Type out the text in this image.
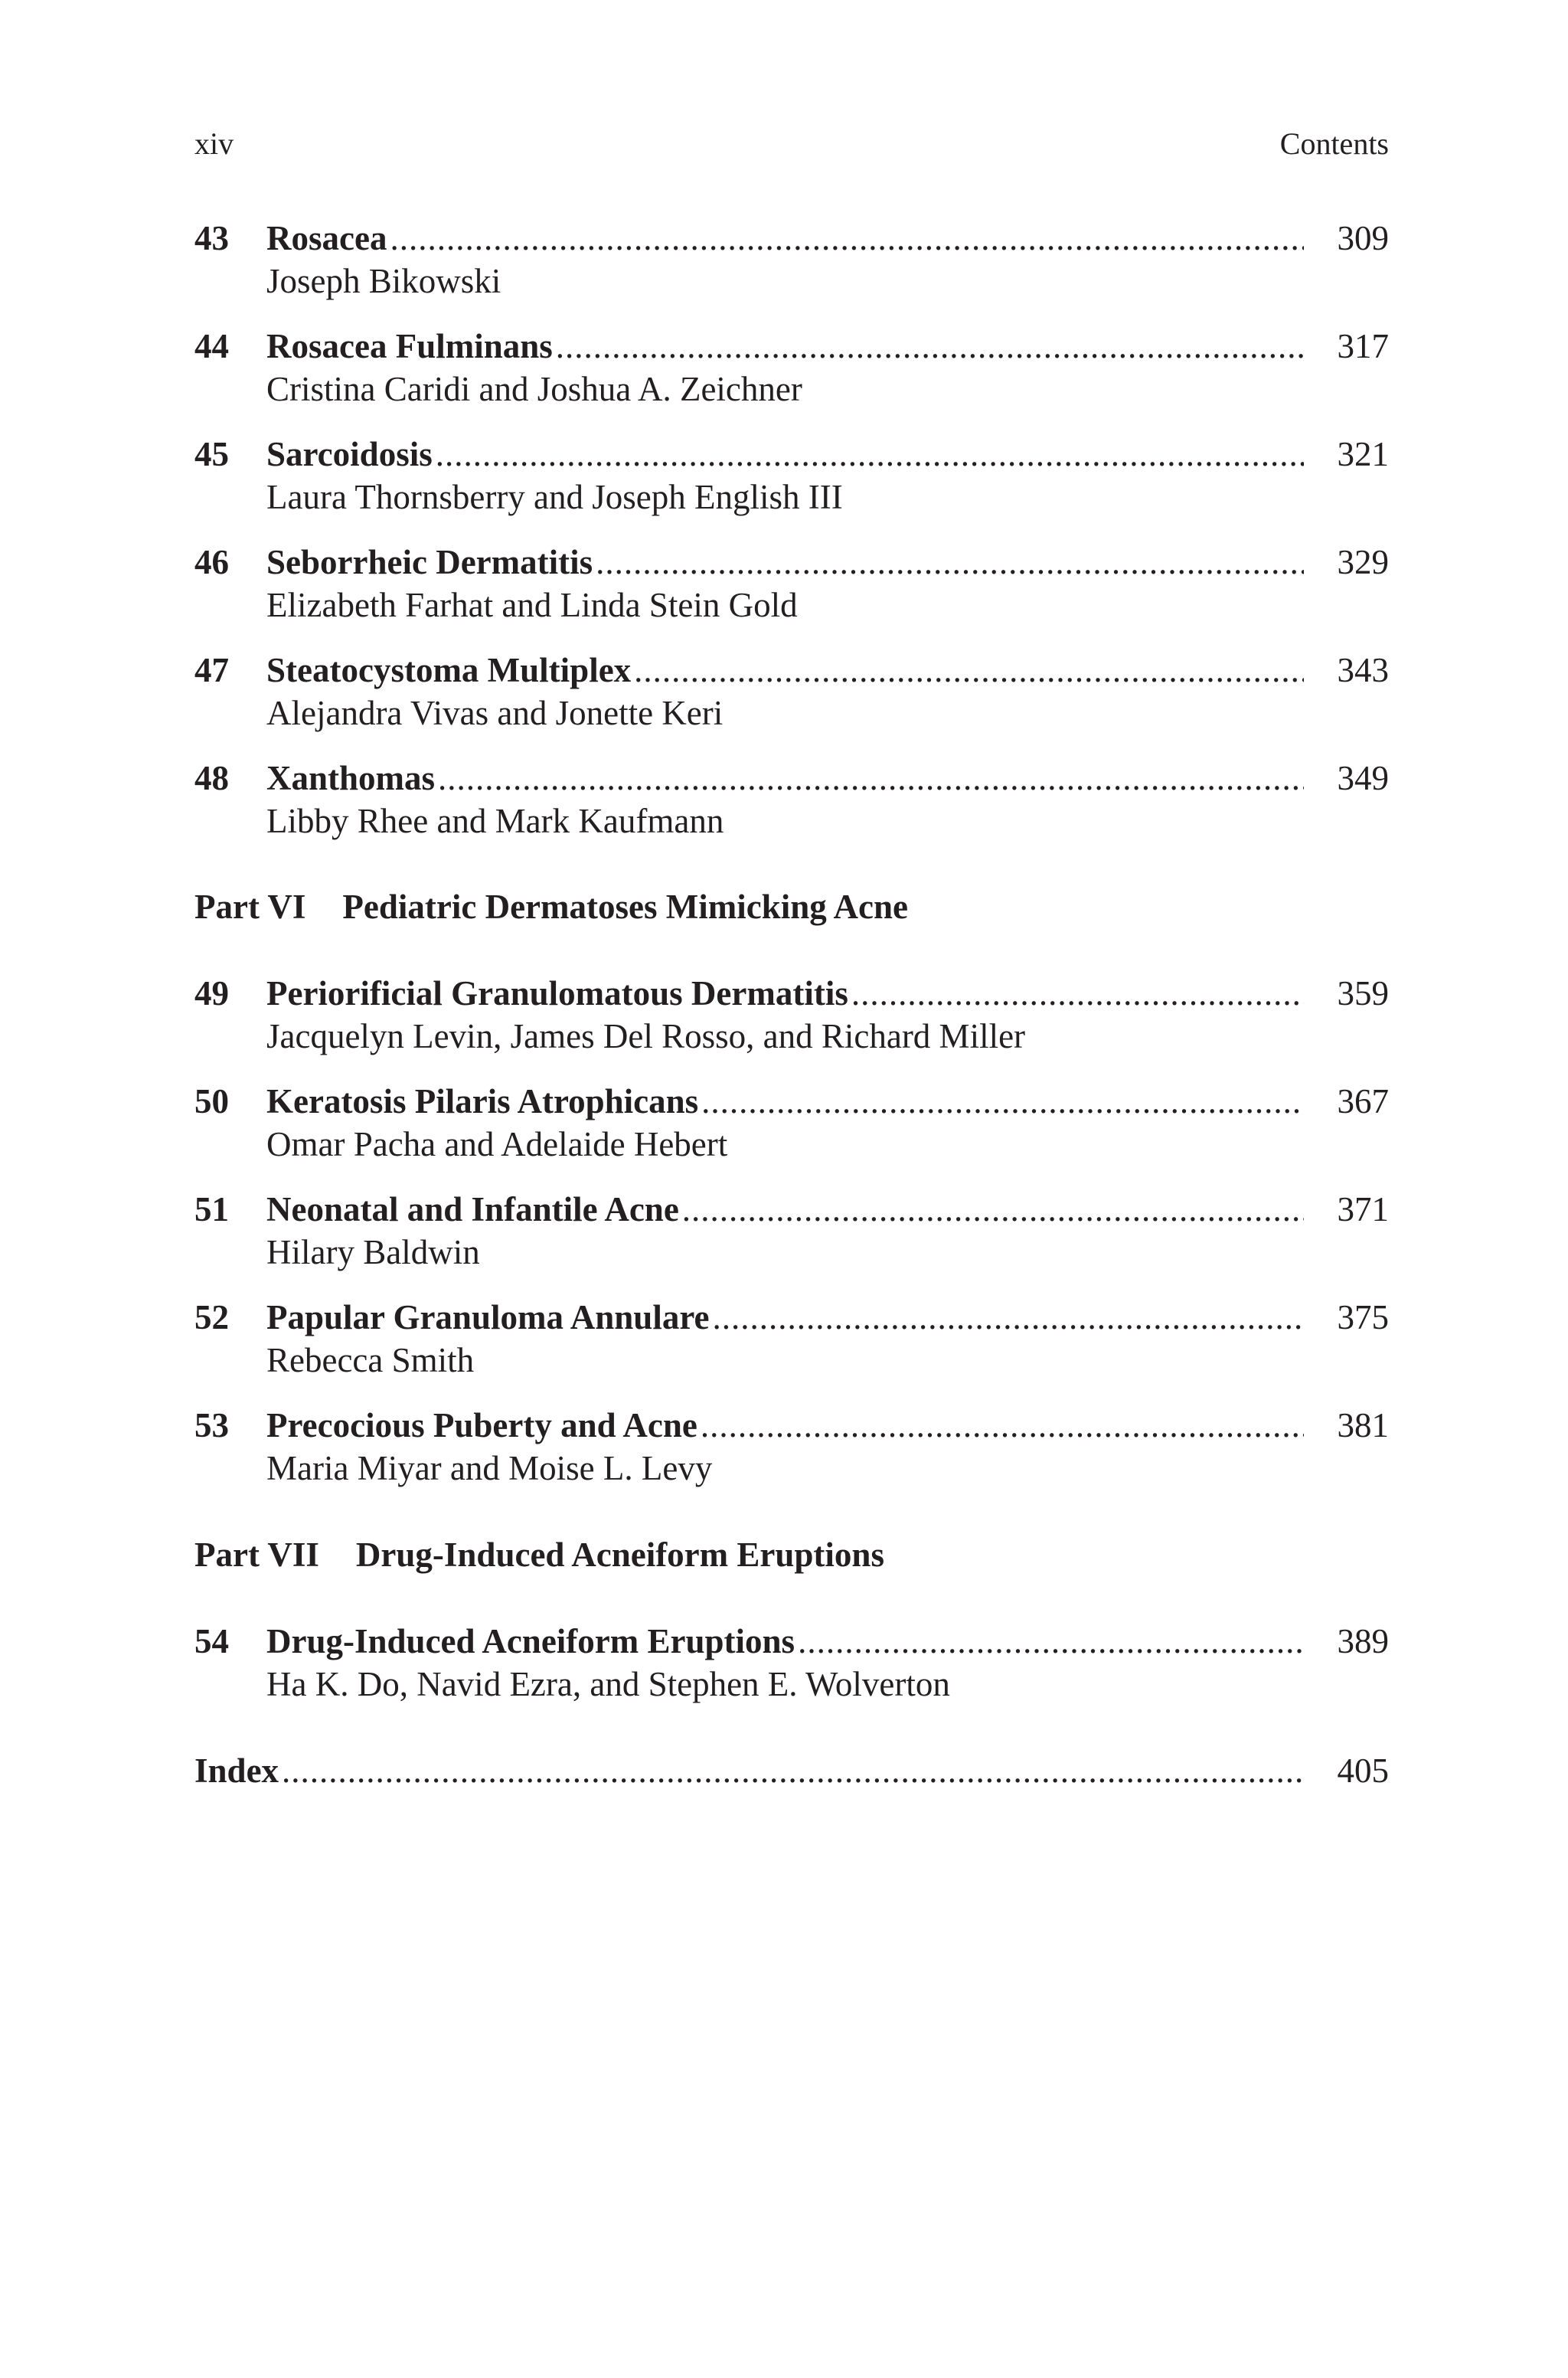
xiv	Contents
43 Rosacea .....	309
Joseph Bikowski
44 Rosacea Fulminans .....	317
Cristina Caridi and Joshua A. Zeichner
45 Sarcoidosis .....	321
Laura Thornsberry and Joseph English III
46 Seborrheic Dermatitis .....	329
Elizabeth Farhat and Linda Stein Gold
47 Steatocystoma Multiplex .....	343
Alejandra Vivas and Jonette Keri
48 Xanthomas .....	349
Libby Rhee and Mark Kaufmann
Part VI Pediatric Dermatoses Mimicking Acne
49 Periorificial Granulomatous Dermatitis .....	359
Jacquelyn Levin, James Del Rosso, and Richard Miller
50 Keratosis Pilaris Atrophicans .....	367
Omar Pacha and Adelaide Hebert
51 Neonatal and Infantile Acne .....	371
Hilary Baldwin
52 Papular Granuloma Annulare .....	375
Rebecca Smith
53 Precocious Puberty and Acne .....	381
Maria Miyar and Moise L. Levy
Part VII Drug-Induced Acneiform Eruptions
54 Drug-Induced Acneiform Eruptions .....	389
Ha K. Do, Navid Ezra, and Stephen E. Wolverton
Index .....	405
